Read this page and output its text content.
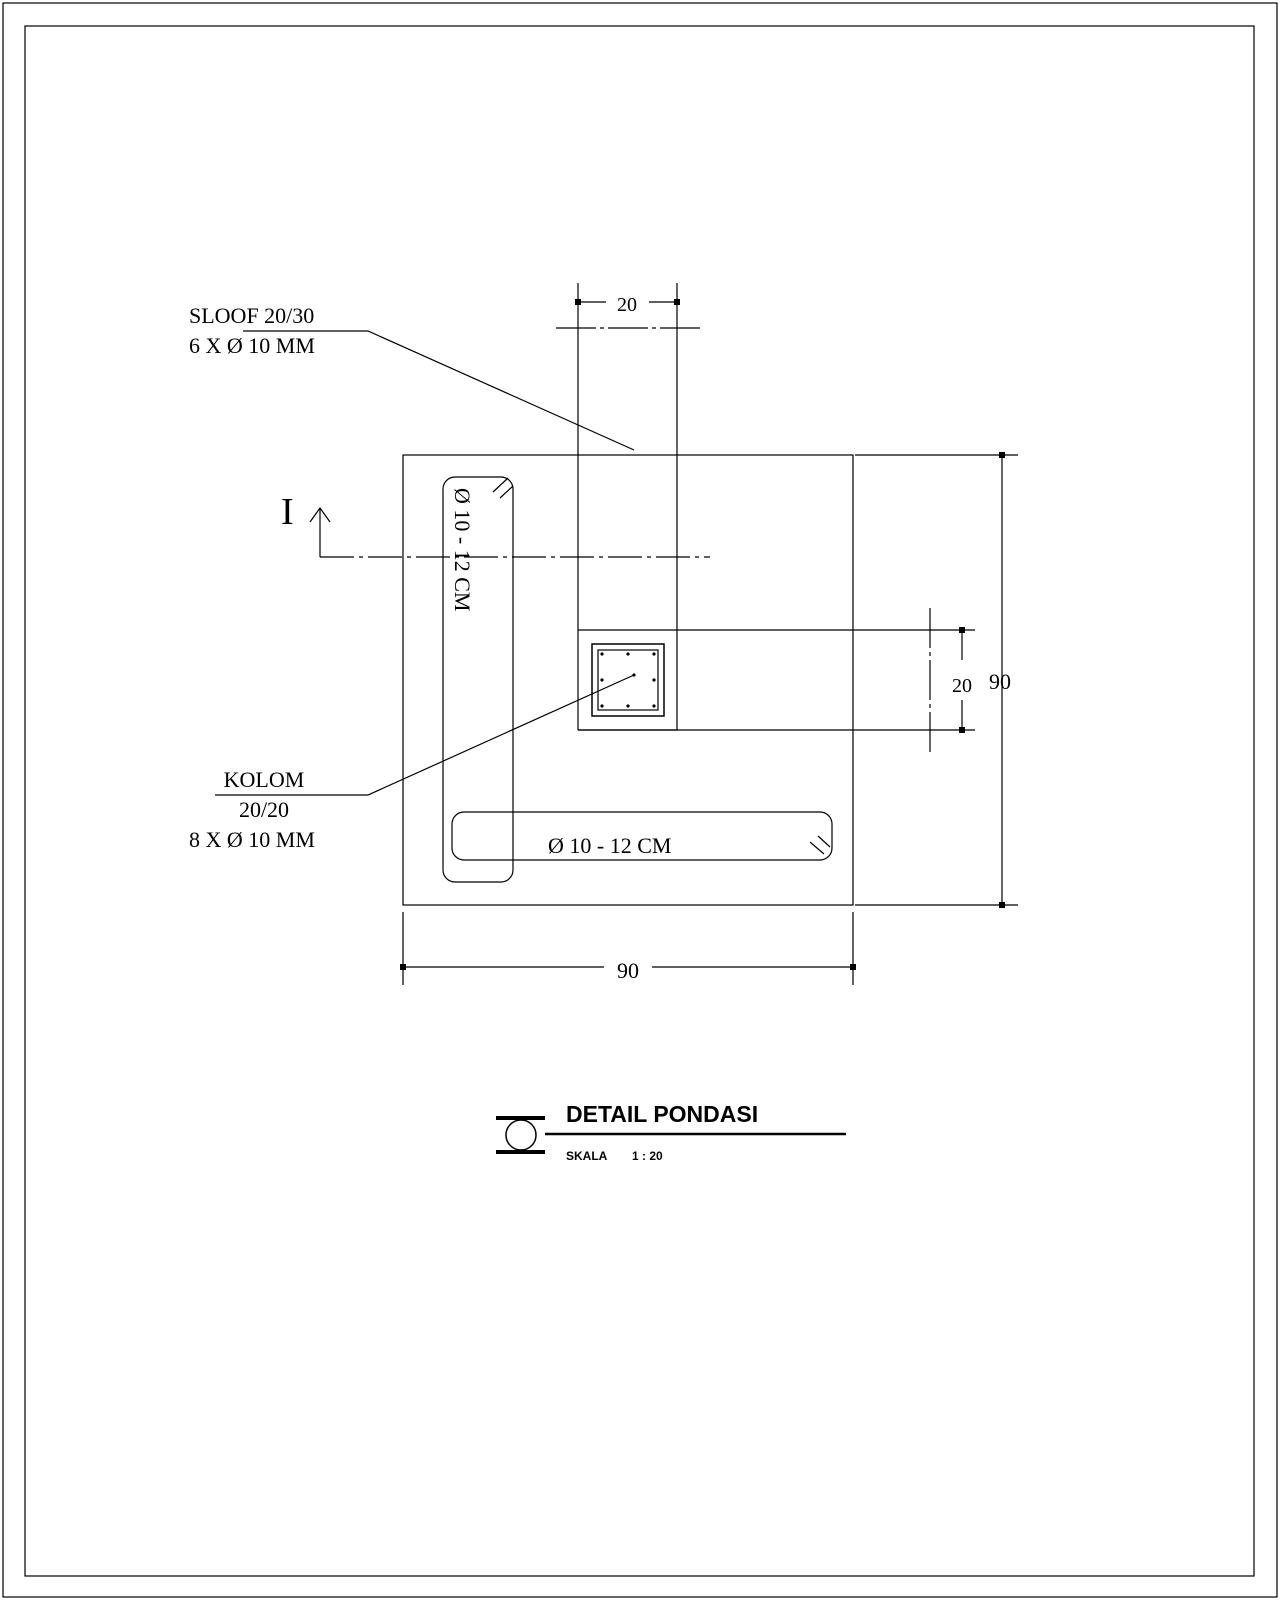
SLOOF 20/30
6 X Ø 10 MM
KOLOM
20/20
8 X Ø 10 MM
Ø 10 - 12 CM
Ø 10 - 12 CM
I
20
20 90
90
DETAIL PONDASI
SKALA 1 : 20
